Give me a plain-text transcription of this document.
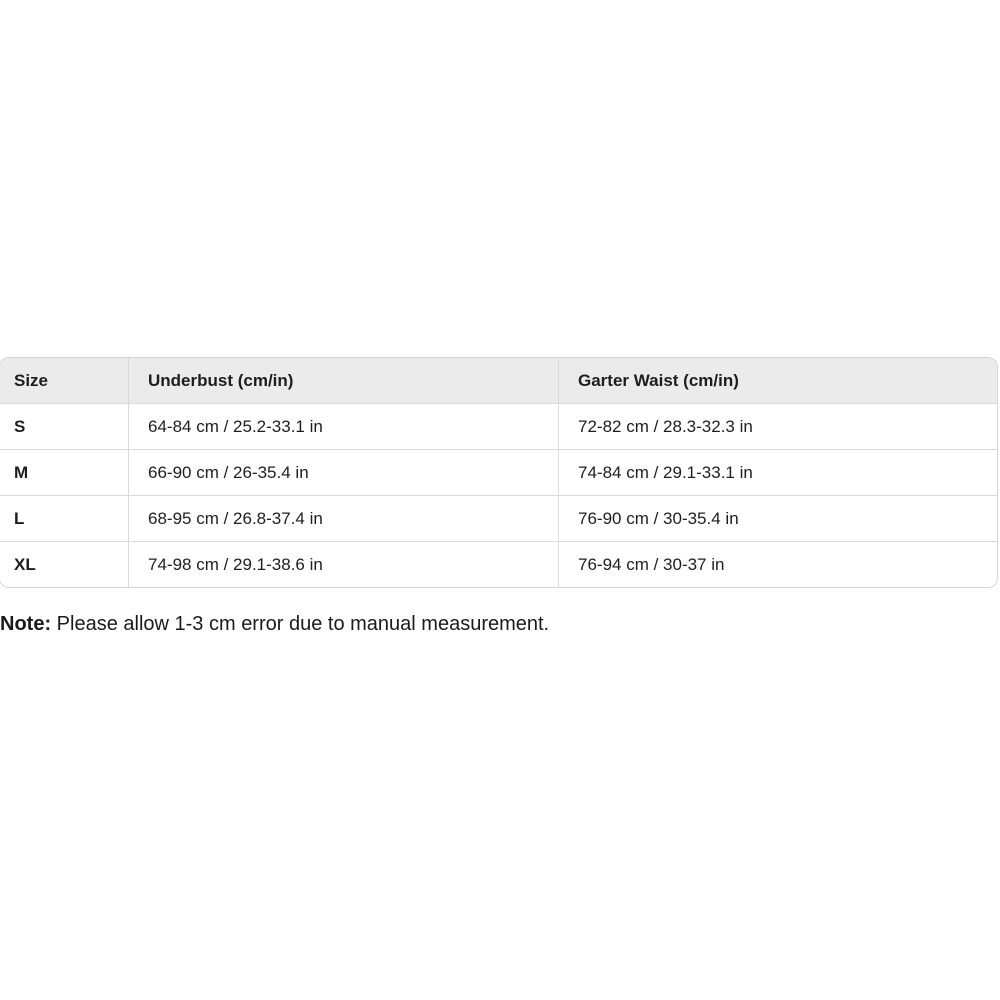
Size	Underbust (cm/in)	Garter Waist (cm/in)
S	64-84 cm / 25.2-33.1 in	72-82 cm / 28.3-32.3 in
M	66-90 cm / 26-35.4 in	74-84 cm / 29.1-33.1 in
L	68-95 cm / 26.8-37.4 in	76-90 cm / 30-35.4 in
XL	74-98 cm / 29.1-38.6 in	76-94 cm / 30-37 in

Note: Please allow 1-3 cm error due to manual measurement.
